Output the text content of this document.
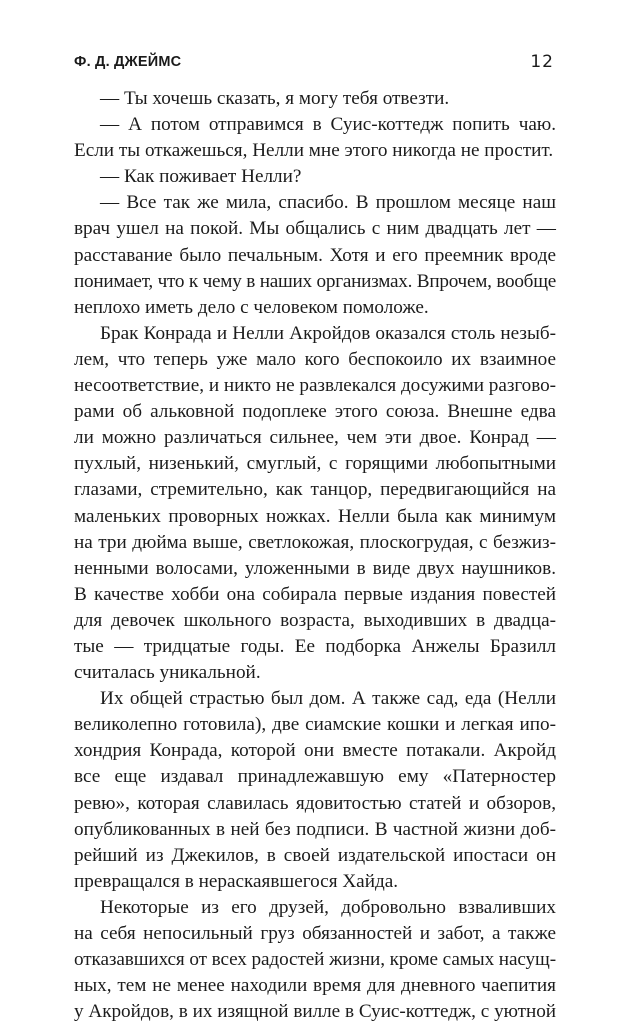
Ф. Д. ДЖЕЙМС	12
— Ты хочешь сказать, я могу тебя отвезти.
— А потом отправимся в Суис-коттедж попить чаю.
Если ты откажешься, Нелли мне этого никогда не простит.
— Как поживает Нелли?
— Все так же мила, спасибо. В прошлом месяце наш
врач ушел на покой. Мы общались с ним двадцать лет —
расставание было печальным. Хотя и его преемник вроде
понимает, что к чему в наших организмах. Впрочем, вообще
неплохо иметь дело с человеком помоложе.
Брак Конрада и Нелли Акройдов оказался столь незыб-
лем, что теперь уже мало кого беспокоило их взаимное
несоответствие, и никто не развлекался досужими разгово-
рами об альковной подоплеке этого союза. Внешне едва
ли можно различаться сильнее, чем эти двое. Конрад —
пухлый, низенький, смуглый, с горящими любопытными
глазами, стремительно, как танцор, передвигающийся на
маленьких проворных ножках. Нелли была как минимум
на три дюйма выше, светлокожая, плоскогрудая, с безжиз-
ненными волосами, уложенными в виде двух наушников.
В качестве хобби она собирала первые издания повестей
для девочек школьного возраста, выходивших в двадца-
тые — тридцатые годы. Ее подборка Анжелы Бразилл
считалась уникальной.
Их общей страстью был дом. А также сад, еда (Нелли
великолепно готовила), две сиамские кошки и легкая ипо-
хондрия Конрада, которой они вместе потакали. Акройд
все еще издавал принадлежавшую ему «Патерностер
ревю», которая славилась ядовитостью статей и обзоров,
опубликованных в ней без подписи. В частной жизни доб-
рейший из Джекилов, в своей издательской ипостаси он
превращался в нераскаявшегося Хайда.
Некоторые из его друзей, добровольно взваливших
на себя непосильный груз обязанностей и забот, а также
отказавшихся от всех радостей жизни, кроме самых насущ-
ных, тем не менее находили время для дневного чаепития
у Акройдов, в их изящной вилле в Суис-коттедж, с уютной
